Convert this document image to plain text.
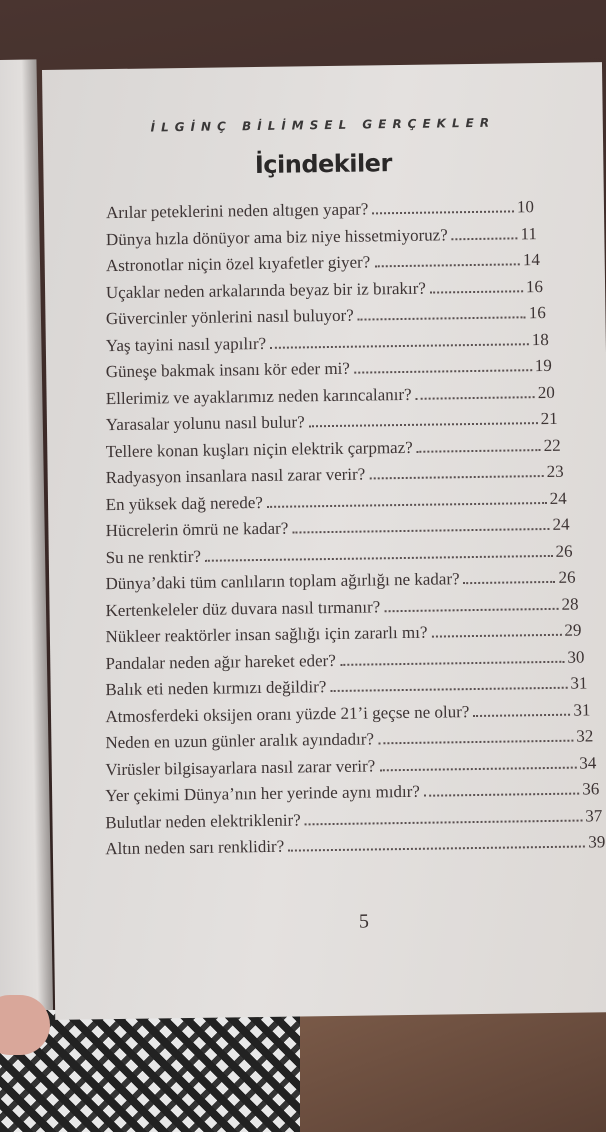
İLGİNÇ BİLİMSEL GERÇEKLER
İçindekiler
Arılar peteklerini neden altıgen yapar?	10
Dünya hızla dönüyor ama biz niye hissetmiyoruz?	11
Astronotlar niçin özel kıyafetler giyer?	14
Uçaklar neden arkalarında beyaz bir iz bırakır?	16
Güvercinler yönlerini nasıl buluyor?	16
Yaş tayini nasıl yapılır?	18
Güneşe bakmak insanı kör eder mi?	19
Ellerimiz ve ayaklarımız neden karıncalanır?	20
Yarasalar yolunu nasıl bulur?	21
Tellere konan kuşları niçin elektrik çarpmaz?	22
Radyasyon insanlara nasıl zarar verir?	23
En yüksek dağ nerede?	24
Hücrelerin ömrü ne kadar?	24
Su ne renktir?	26
Dünya’daki tüm canlıların toplam ağırlığı ne kadar?	26
Kertenkeleler düz duvara nasıl tırmanır?	28
Nükleer reaktörler insan sağlığı için zararlı mı?	29
Pandalar neden ağır hareket eder?	30
Balık eti neden kırmızı değildir?	31
Atmosferdeki oksijen oranı yüzde 21’i geçse ne olur?	31
Neden en uzun günler aralık ayındadır?	32
Virüsler bilgisayarlara nasıl zarar verir?	34
Yer çekimi Dünya’nın her yerinde aynı mıdır?	36
Bulutlar neden elektriklenir?	37
Altın neden sarı renklidir?	39
5
